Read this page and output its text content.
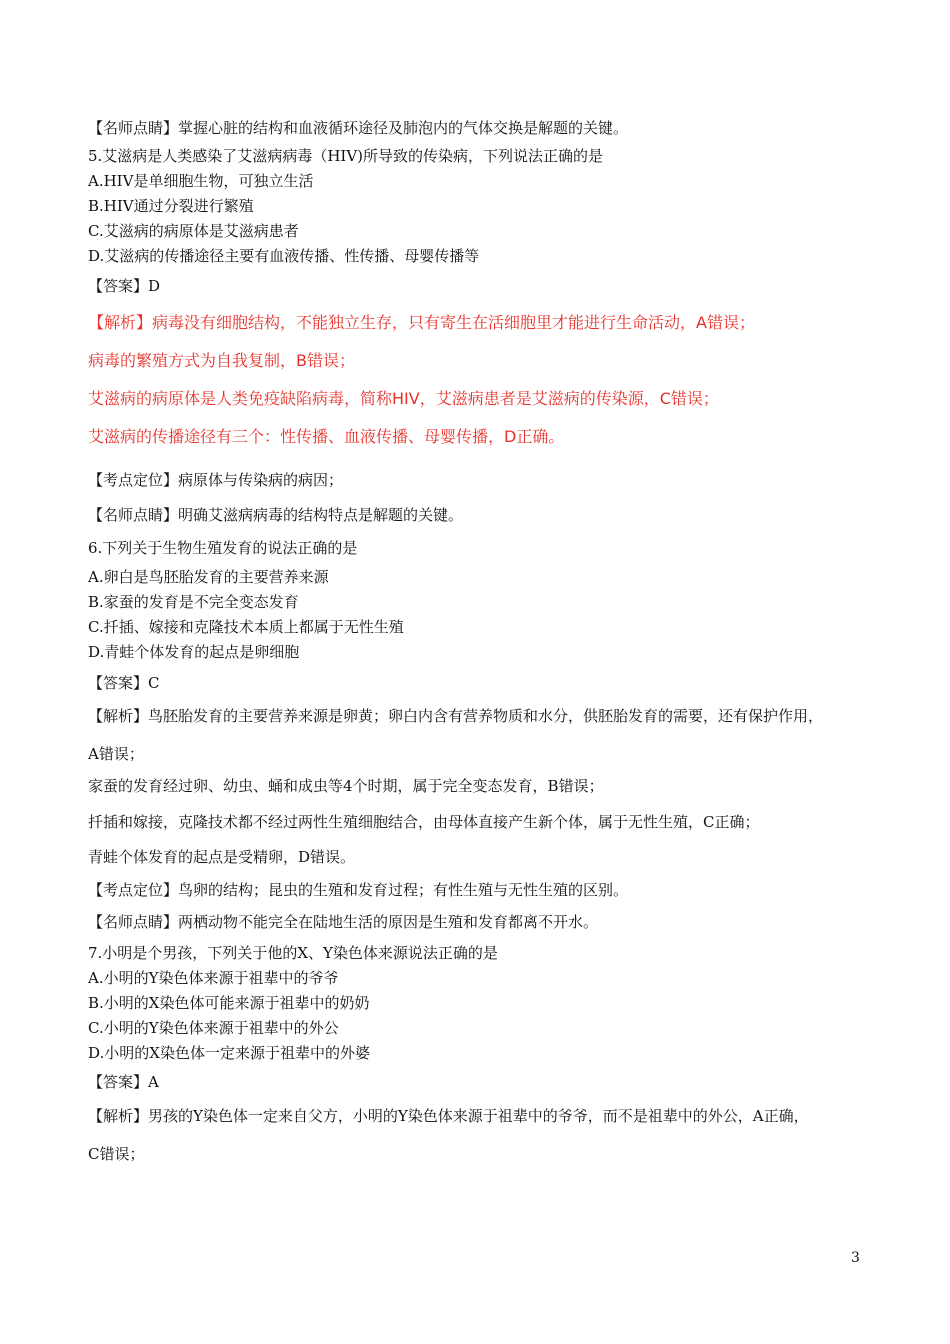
【名师点睛】掌握心脏的结构和血液循环途径及肺泡内的气体交换是解题的关键。
5.艾滋病是人类感染了艾滋病病毒（HIV)所导致的传染病，下列说法正确的是
A.HIV是单细胞生物，可独立生活
B.HIV通过分裂进行繁殖
C.艾滋病的病原体是艾滋病患者
D.艾滋病的传播途径主要有血液传播、性传播、母婴传播等
【答案】D
【解析】病毒没有细胞结构，不能独立生存，只有寄生在活细胞里才能进行生命活动，A错误；
病毒的繁殖方式为自我复制，B错误；
艾滋病的病原体是人类免疫缺陷病毒，简称HIV，艾滋病患者是艾滋病的传染源，C错误；
艾滋病的传播途径有三个：性传播、血液传播、母婴传播，D正确。
【考点定位】病原体与传染病的病因；
【名师点睛】明确艾滋病病毒的结构特点是解题的关键。
6.下列关于生物生殖发育的说法正确的是
A.卵白是鸟胚胎发育的主要营养来源
B.家蚕的发育是不完全变态发育
C.扦插、嫁接和克隆技术本质上都属于无性生殖
D.青蛙个体发育的起点是卵细胞
【答案】C
【解析】鸟胚胎发育的主要营养来源是卵黄；卵白内含有营养物质和水分，供胚胎发育的需要，还有保护作用，
A错误；
家蚕的发育经过卵、幼虫、蛹和成虫等4个时期，属于完全变态发育，B错误；
扦插和嫁接，克隆技术都不经过两性生殖细胞结合，由母体直接产生新个体，属于无性生殖，C正确；
青蛙个体发育的起点是受精卵，D错误。
【考点定位】鸟卵的结构；昆虫的生殖和发育过程；有性生殖与无性生殖的区别。
【名师点睛】两栖动物不能完全在陆地生活的原因是生殖和发育都离不开水。
7.小明是个男孩，下列关于他的X、Y染色体来源说法正确的是
A.小明的Y染色体来源于祖辈中的爷爷
B.小明的X染色体可能来源于祖辈中的奶奶
C.小明的Y染色体来源于祖辈中的外公
D.小明的X染色体一定来源于祖辈中的外婆
【答案】A
【解析】男孩的Y染色体一定来自父方，小明的Y染色体来源于祖辈中的爷爷，而不是祖辈中的外公，A正确，
C错误；
3
